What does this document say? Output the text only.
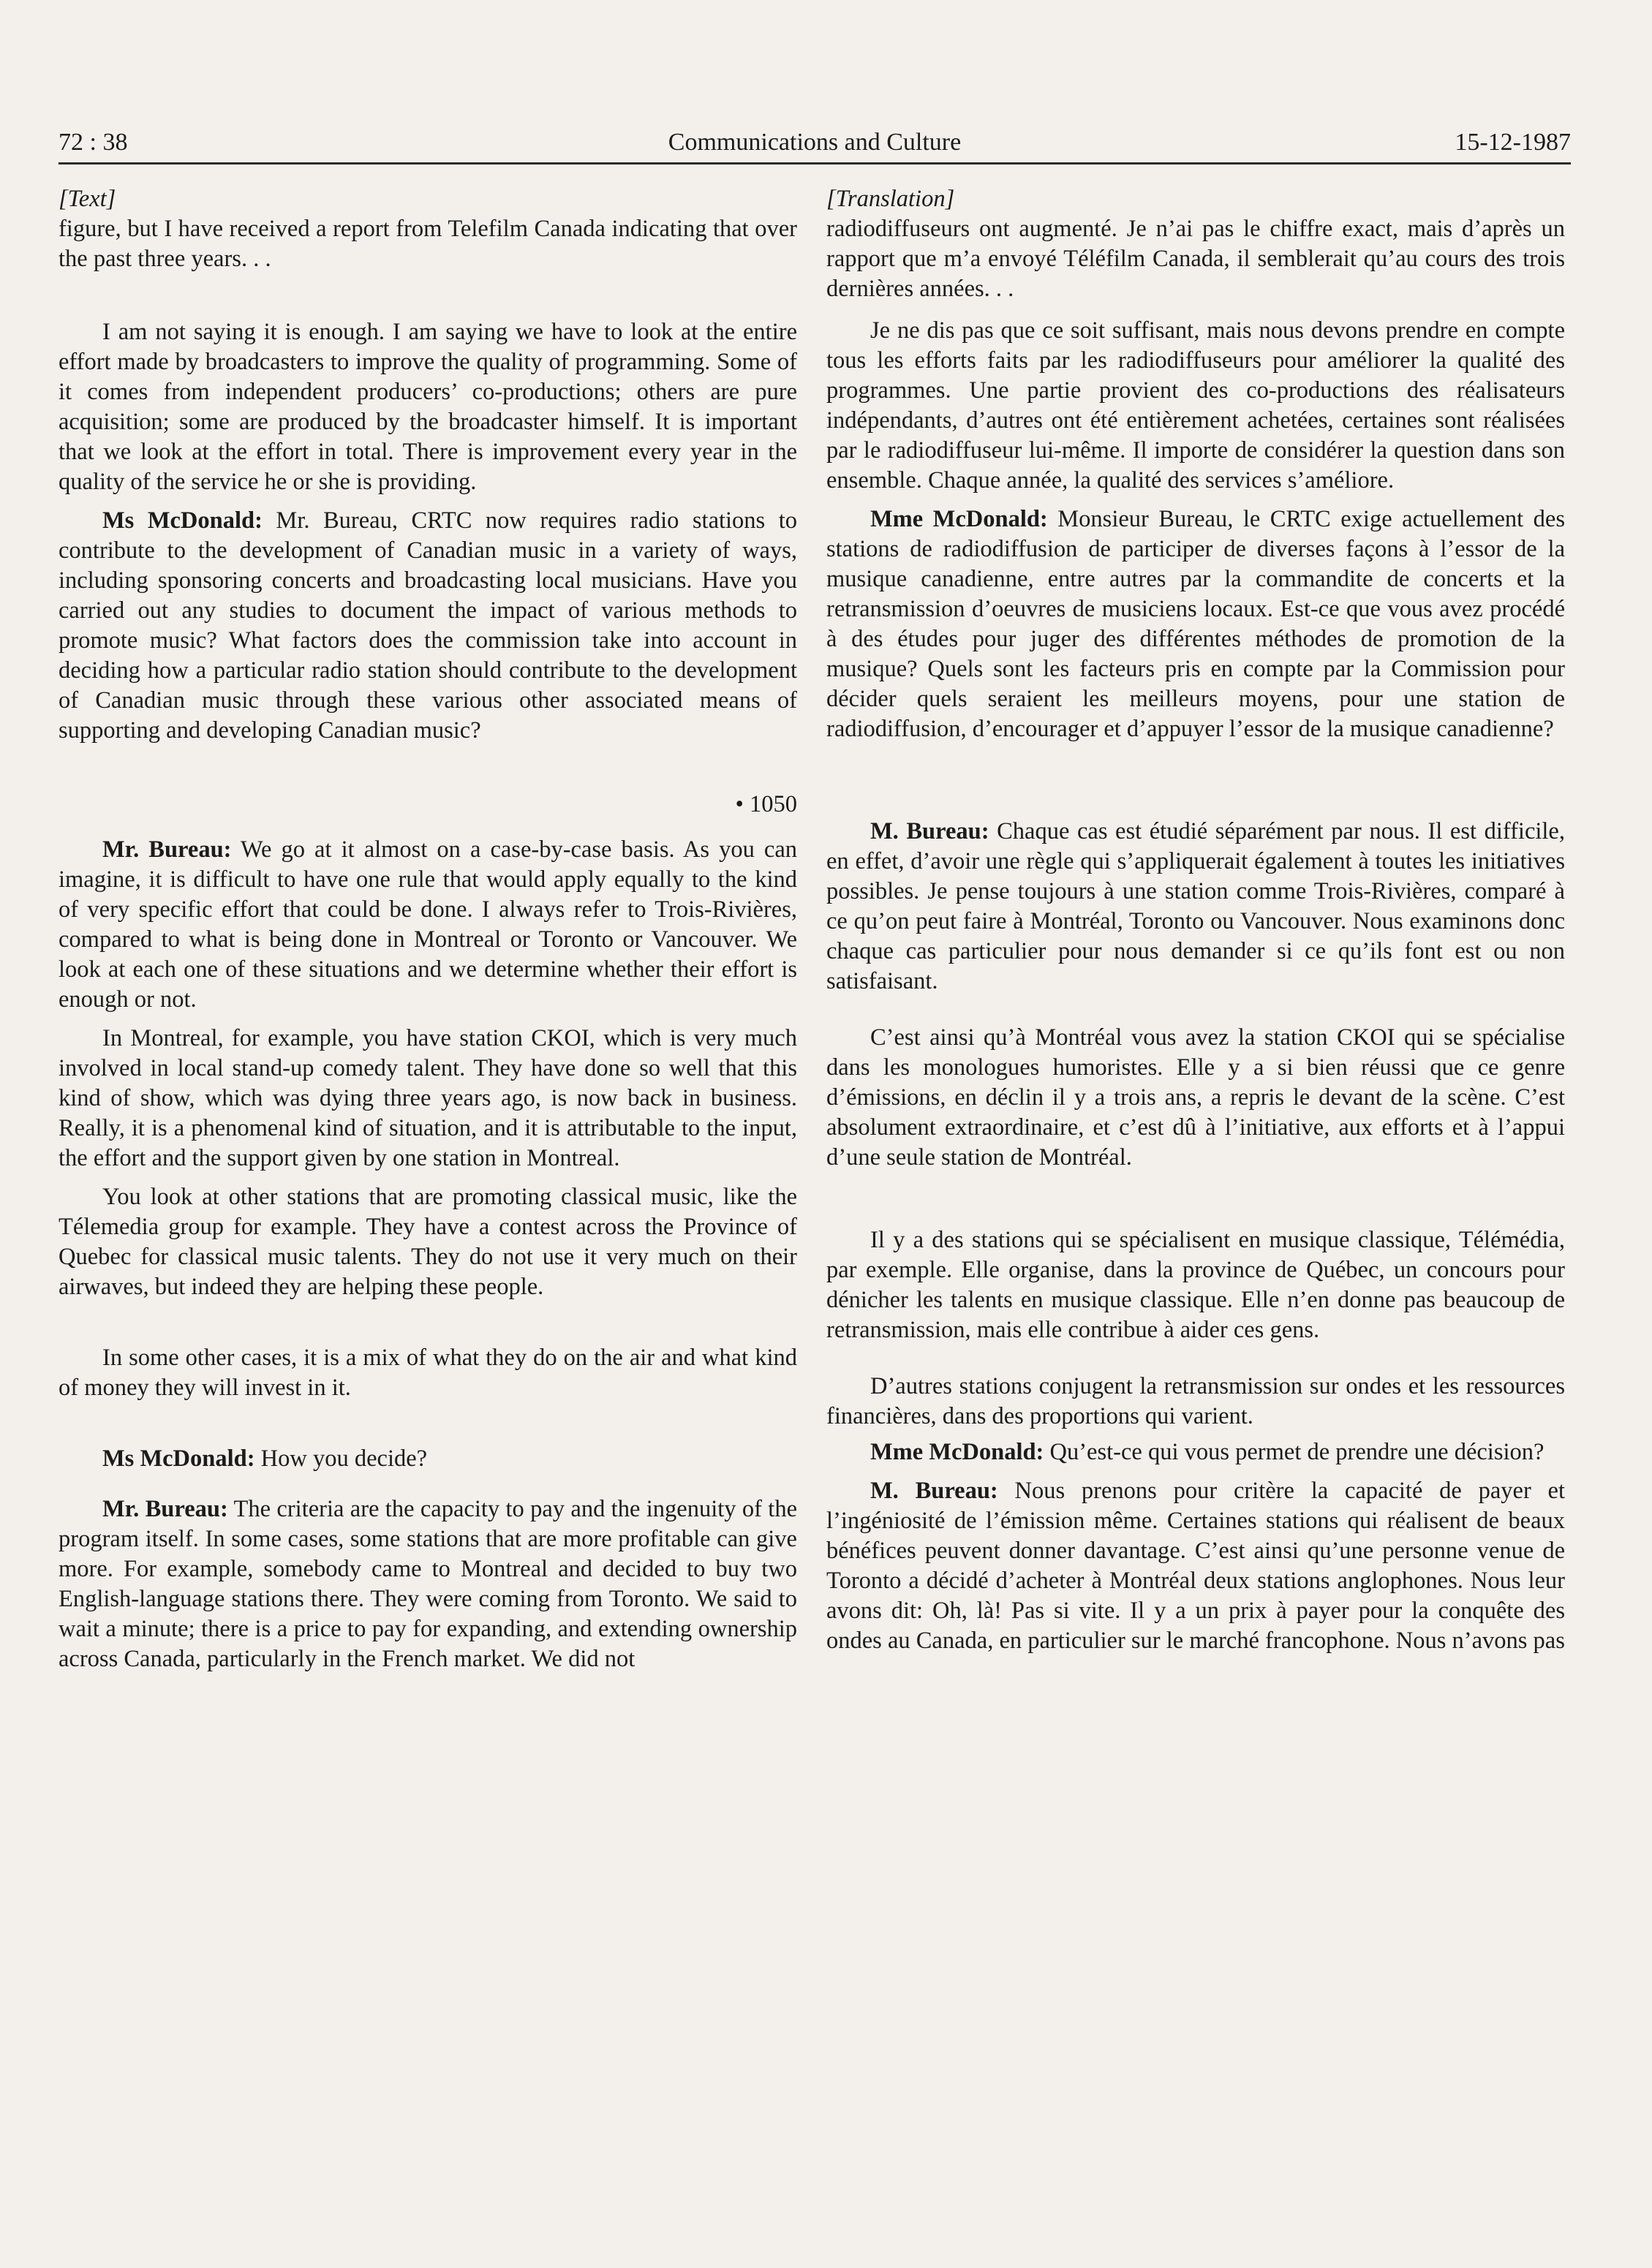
72 : 38	Communications and Culture	15-12-1987

[Text]

figure, but I have received a report from Telefilm Canada indicating that over the past three years. . .

I am not saying it is enough. I am saying we have to look at the entire effort made by broadcasters to improve the quality of programming. Some of it comes from independent producers’ co-productions; others are pure acquisition; some are produced by the broadcaster himself. It is important that we look at the effort in total. There is improvement every year in the quality of the service he or she is providing.

Ms McDonald: Mr. Bureau, CRTC now requires radio stations to contribute to the development of Canadian music in a variety of ways, including sponsoring concerts and broadcasting local musicians. Have you carried out any studies to document the impact of various methods to promote music? What factors does the commission take into account in deciding how a particular radio station should contribute to the development of Canadian music through these various other associated means of supporting and developing Canadian music?

• 1050

Mr. Bureau: We go at it almost on a case-by-case basis. As you can imagine, it is difficult to have one rule that would apply equally to the kind of very specific effort that could be done. I always refer to Trois-Rivières, compared to what is being done in Montreal or Toronto or Vancouver. We look at each one of these situations and we determine whether their effort is enough or not.

In Montreal, for example, you have station CKOI, which is very much involved in local stand-up comedy talent. They have done so well that this kind of show, which was dying three years ago, is now back in business. Really, it is a phenomenal kind of situation, and it is attributable to the input, the effort and the support given by one station in Montreal.

You look at other stations that are promoting classical music, like the Télemedia group for example. They have a contest across the Province of Quebec for classical music talents. They do not use it very much on their airwaves, but indeed they are helping these people.

In some other cases, it is a mix of what they do on the air and what kind of money they will invest in it.

Ms McDonald: How you decide?

Mr. Bureau: The criteria are the capacity to pay and the ingenuity of the program itself. In some cases, some stations that are more profitable can give more. For example, somebody came to Montreal and decided to buy two English-language stations there. They were coming from Toronto. We said to wait a minute; there is a price to pay for expanding, and extending ownership across Canada, particularly in the French market. We did not

[Translation]

radiodiffuseurs ont augmenté. Je n’ai pas le chiffre exact, mais d’après un rapport que m’a envoyé Téléfilm Canada, il semblerait qu’au cours des trois dernières années. . .

Je ne dis pas que ce soit suffisant, mais nous devons prendre en compte tous les efforts faits par les radiodiffuseurs pour améliorer la qualité des programmes. Une partie provient des co-productions des réalisateurs indépendants, d’autres ont été entièrement achetées, certaines sont réalisées par le radiodiffuseur lui-même. Il importe de considérer la question dans son ensemble. Chaque année, la qualité des services s’améliore.

Mme McDonald: Monsieur Bureau, le CRTC exige actuellement des stations de radiodiffusion de participer de diverses façons à l’essor de la musique canadienne, entre autres par la commandite de concerts et la retransmission d’oeuvres de musiciens locaux. Est-ce que vous avez procédé à des études pour juger des différentes méthodes de promotion de la musique? Quels sont les facteurs pris en compte par la Commission pour décider quels seraient les meilleurs moyens, pour une station de radiodiffusion, d’encourager et d’appuyer l’essor de la musique canadienne?

M. Bureau: Chaque cas est étudié séparément par nous. Il est difficile, en effet, d’avoir une règle qui s’appliquerait également à toutes les initiatives possibles. Je pense toujours à une station comme Trois-Rivières, comparé à ce qu’on peut faire à Montréal, Toronto ou Vancouver. Nous examinons donc chaque cas particulier pour nous demander si ce qu’ils font est ou non satisfaisant.

C’est ainsi qu’à Montréal vous avez la station CKOI qui se spécialise dans les monologues humoristes. Elle y a si bien réussi que ce genre d’émissions, en déclin il y a trois ans, a repris le devant de la scène. C’est absolument extraordinaire, et c’est dû à l’initiative, aux efforts et à l’appui d’une seule station de Montréal.

Il y a des stations qui se spécialisent en musique classique, Télémédia, par exemple. Elle organise, dans la province de Québec, un concours pour dénicher les talents en musique classique. Elle n’en donne pas beaucoup de retransmission, mais elle contribue à aider ces gens.

D’autres stations conjugent la retransmission sur ondes et les ressources financières, dans des proportions qui varient.

Mme McDonald: Qu’est-ce qui vous permet de prendre une décision?

M. Bureau: Nous prenons pour critère la capacité de payer et l’ingéniosité de l’émission même. Certaines stations qui réalisent de beaux bénéfices peuvent donner davantage. C’est ainsi qu’une personne venue de Toronto a décidé d’acheter à Montréal deux stations anglophones. Nous leur avons dit: Oh, là! Pas si vite. Il y a un prix à payer pour la conquête des ondes au Canada, en particulier sur le marché francophone. Nous n’avons pas
